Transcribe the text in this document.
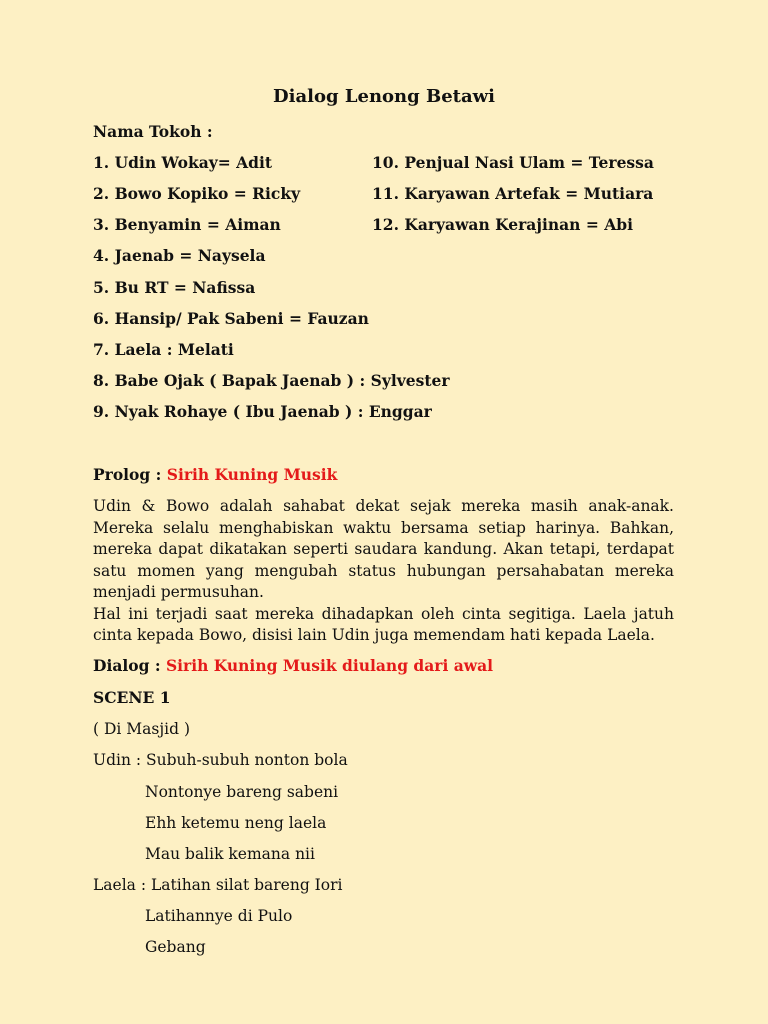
Dialog Lenong Betawi
Nama Tokoh :
1. Udin Wokay= Adit
2. Bowo Kopiko = Ricky
3. Benyamin = Aiman
4. Jaenab = Naysela
5. Bu RT = Nafissa
6. Hansip/ Pak Sabeni = Fauzan
7. Laela : Melati
8. Babe Ojak ( Bapak Jaenab ) : Sylvester
9. Nyak Rohaye ( Ibu Jaenab ) : Enggar
10. Penjual Nasi Ulam = Teressa
11. Karyawan Artefak = Mutiara
12. Karyawan Kerajinan = Abi
Prolog : Sirih Kuning Musik

Udin & Bowo adalah sahabat dekat sejak mereka masih anak-anak. Mereka selalu menghabiskan waktu bersama setiap harinya. Bahkan, mereka dapat dikatakan seperti saudara kandung. Akan tetapi, terdapat satu momen yang mengubah status hubungan persahabatan mereka menjadi permusuhan.

Hal ini terjadi saat mereka dihadapkan oleh cinta segitiga. Laela jatuh cinta kepada Bowo, disisi lain Udin juga memendam hati kepada Laela.

Dialog : Sirih Kuning Musik diulang dari awal
SCENE 1
( Di Masjid )
Udin : Subuh-subuh nonton bola
Nontonye bareng sabeni
Ehh ketemu neng laela
Mau balik kemana nii
Laela : Latihan silat bareng Iori
Latihannye di Pulo
Gebang
